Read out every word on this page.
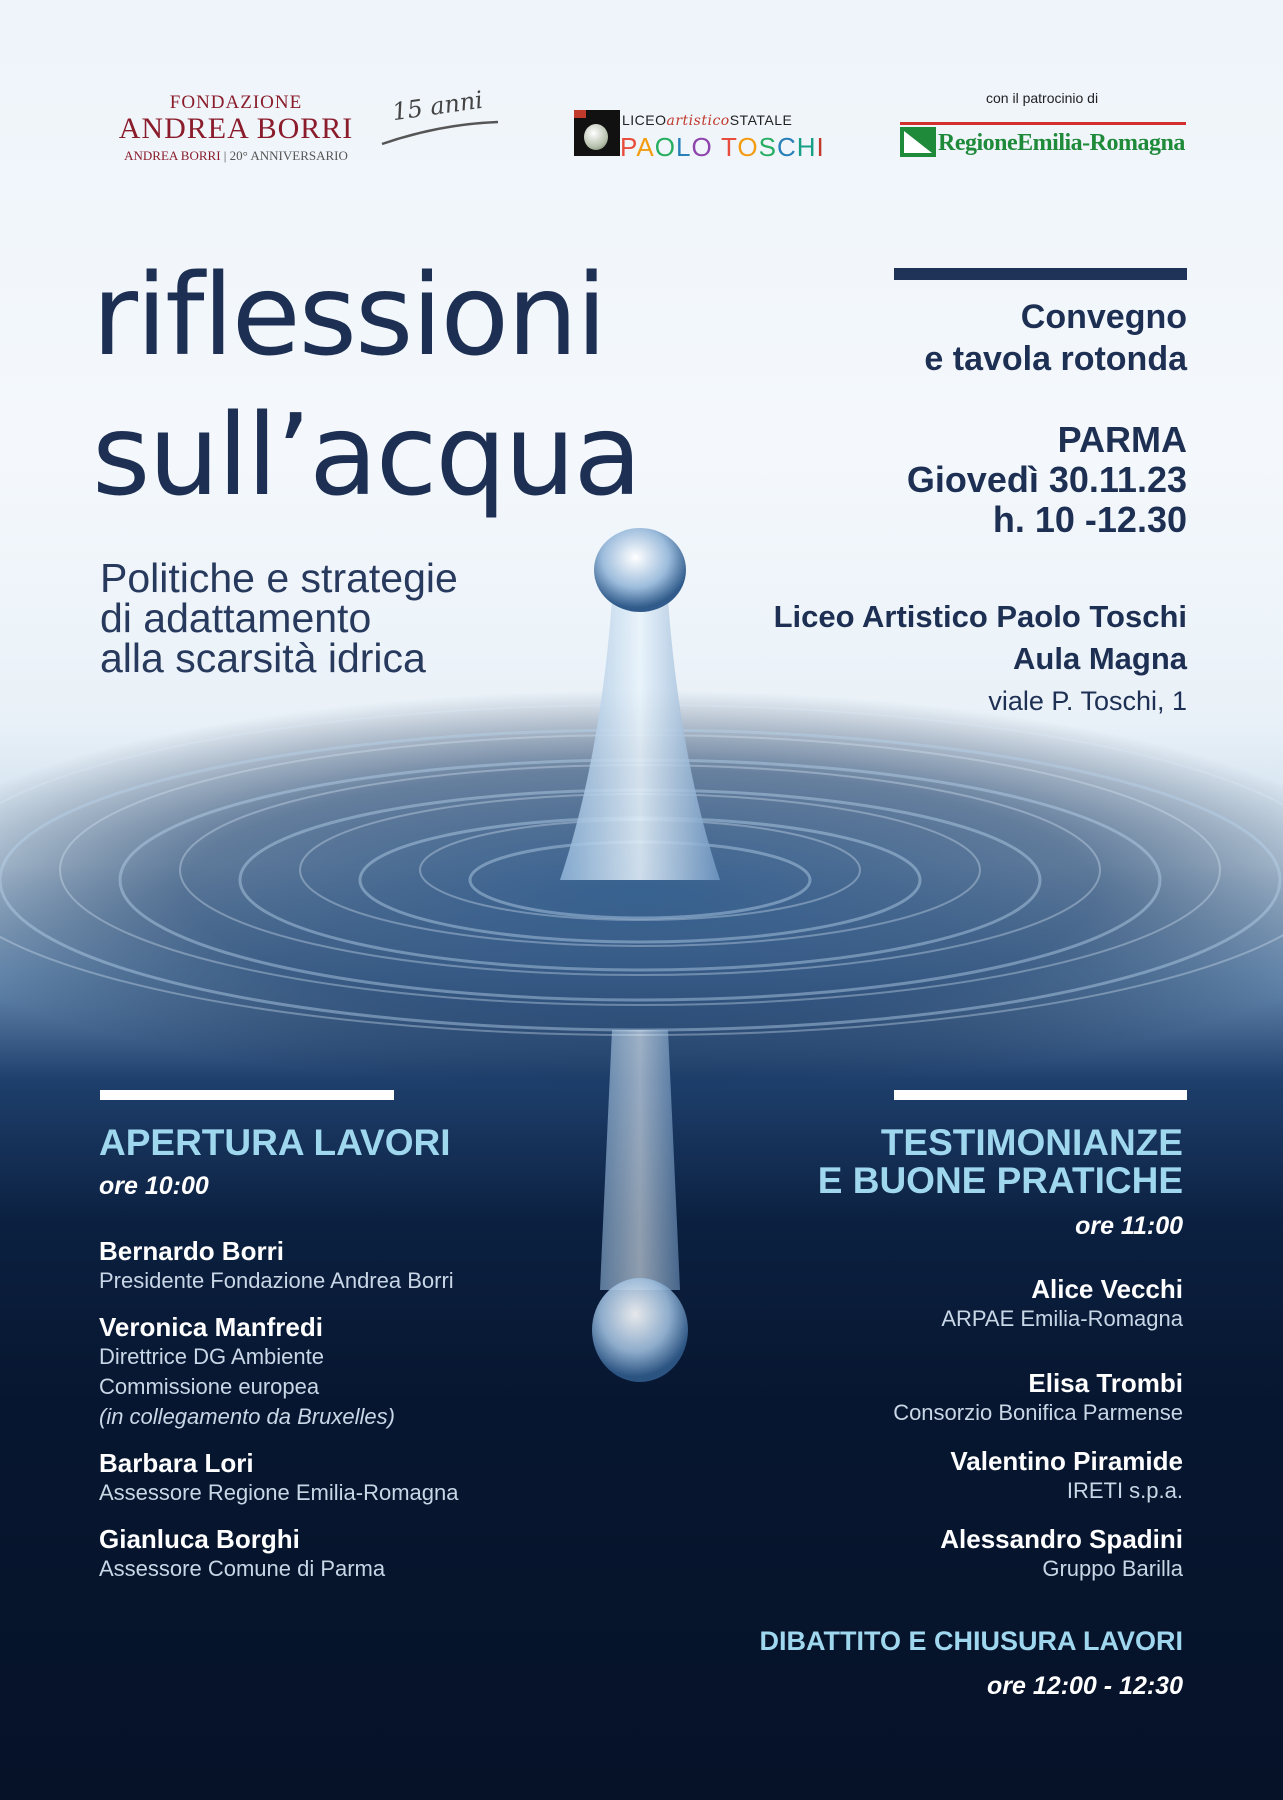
FONDAZIONE
ANDREA BORRI
ANDREA BORRI | 20° ANNIVERSARIO
15 anni	LICEOartisticoSTATALE
PAOLO TOSCHI
con il patrocinio di
RegioneEmilia-Romagna
riflessioni
sull’acqua
Politiche e strategie
di adattamento
alla scarsità idrica
Convegno
e tavola rotonda
PARMA
Giovedì 30.11.23
h. 10 -12.30
Liceo Artistico Paolo Toschi
Aula Magna
viale P. Toschi, 1
APERTURA LAVORI
ore 10:00
Bernardo Borri
Presidente Fondazione Andrea Borri
Veronica Manfredi
Direttrice DG Ambiente
Commissione europea
(in collegamento da Bruxelles)
Barbara Lori
Assessore Regione Emilia-Romagna
Gianluca Borghi
Assessore Comune di Parma
TESTIMONIANZE
E BUONE PRATICHE
ore 11:00
Alice Vecchi
ARPAE Emilia-Romagna
Elisa Trombi
Consorzio Bonifica Parmense
Valentino Piramide
IRETI s.p.a.
Alessandro Spadini
Gruppo Barilla
DIBATTITO E CHIUSURA LAVORI
ore 12:00 - 12:30
